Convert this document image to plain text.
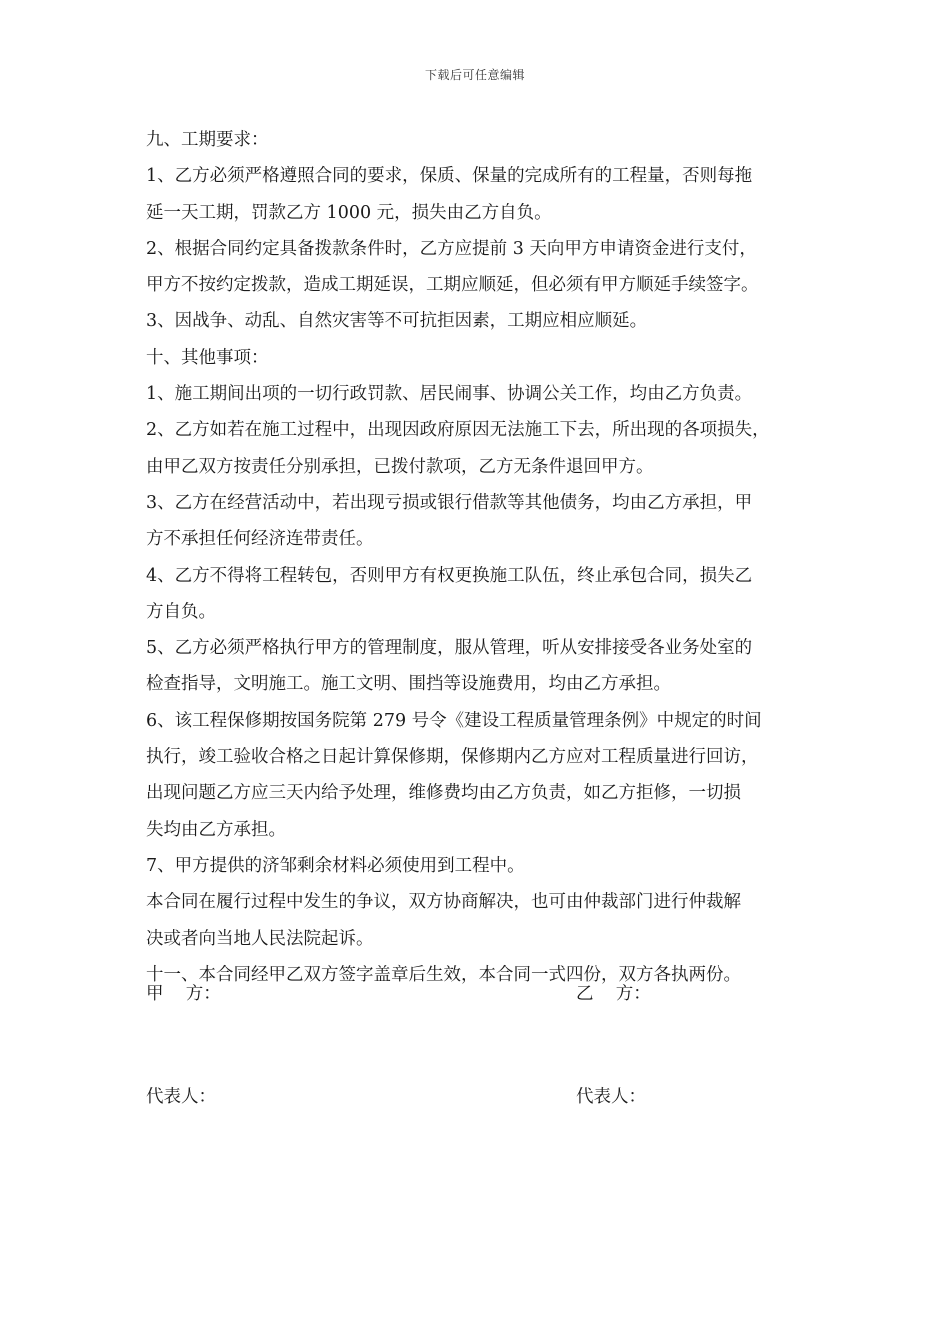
下载后可任意编辑
九、工期要求：
1、乙方必须严格遵照合同的要求，保质、保量的完成所有的工程量，否则每拖
延一天工期，罚款乙方 1000 元，损失由乙方自负。
2、根据合同约定具备拨款条件时，乙方应提前 3 天向甲方申请资金进行支付，
甲方不按约定拨款，造成工期延误，工期应顺延，但必须有甲方顺延手续签字。
3、因战争、动乱、自然灾害等不可抗拒因素，工期应相应顺延。
十、其他事项：
1、施工期间出项的一切行政罚款、居民闹事、协调公关工作，均由乙方负责。
2、乙方如若在施工过程中，出现因政府原因无法施工下去，所出现的各项损失，
由甲乙双方按责任分别承担，已拨付款项，乙方无条件退回甲方。
3、乙方在经营活动中，若出现亏损或银行借款等其他债务，均由乙方承担，甲
方不承担任何经济连带责任。
4、乙方不得将工程转包，否则甲方有权更换施工队伍，终止承包合同，损失乙
方自负。
5、乙方必须严格执行甲方的管理制度，服从管理，听从安排接受各业务处室的
检查指导，文明施工。施工文明、围挡等设施费用，均由乙方承担。
6、该工程保修期按国务院第 279 号令《建设工程质量管理条例》中规定的时间
执行，竣工验收合格之日起计算保修期，保修期内乙方应对工程质量进行回访，
出现问题乙方应三天内给予处理，维修费均由乙方负责，如乙方拒修，一切损
失均由乙方承担。
7、甲方提供的济邹剩余材料必须使用到工程中。
本合同在履行过程中发生的争议，双方协商解决，也可由仲裁部门进行仲裁解
决或者向当地人民法院起诉。
十一、本合同经甲乙双方签字盖章后生效，本合同一式四份，双方各执两份。
甲    方：	乙    方：
代表人：	代表人：
